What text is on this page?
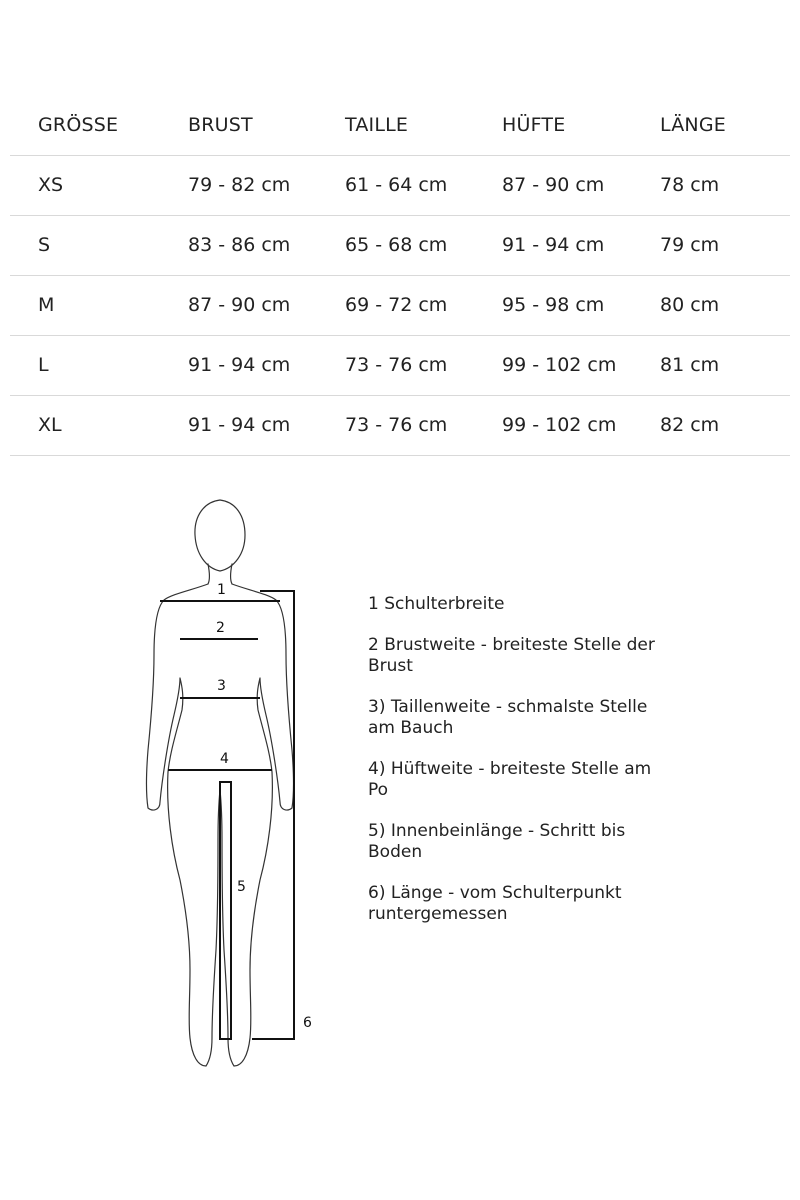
GRÖSSE	BRUST	TAILLE	HÜFTE	LÄNGE
XS	79 - 82 cm	61 - 64 cm	87 - 90 cm	78 cm
S	83 - 86 cm	65 - 68 cm	91 - 94 cm	79 cm
M	87 - 90 cm	69 - 72 cm	95 - 98 cm	80 cm
L	91 - 94 cm	73 - 76 cm	99 - 102 cm 81 cm
XL	91 - 94 cm	73 - 76 cm	99 - 102 cm 82 cm
1
2
3
4
5
6
1 Schulterbreite
2 Brustweite - breiteste Stelle der Brust
3) Taillenweite - schmalste Stelle am Bauch
4) Hüftweite - breiteste Stelle am Po
5) Innenbeinlänge - Schritt bis Boden
6) Länge - vom Schulterpunkt runtergemessen
